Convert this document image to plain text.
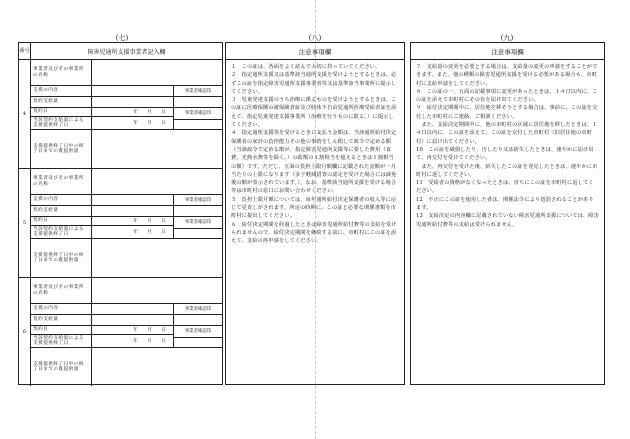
(七)	(八)	(九)
番号	障害児通所支援事業者記入欄
4
事業者及びその事業所の名称
支援の内容	事業者確認印
契約支給量
契約日	年 月 日
当該契約支給量による支援提供終了日	年 月 日
事業者確認印
支援提供終了日中の終了日までの既提供量
5
事業者及びその事業所の名称
支援の内容	事業者確認印
契約支給量
契約日	年 月 日
当該契約支給量による支援提供終了日	年 月 日
事業者確認印
支援提供終了日中の終了日までの既提供量
6
事業者及びその事業所の名称
支援の内容	事業者確認印
契約支給量
契約日	年 月 日
当該契約支給量による支援提供終了日	年 月 日
事業者確認印
支援提供終了日中の終了日までの既提供量
注意事項欄

１　この証は、各面をよく読んで大切に持っていてください。

２　指定通所支援又は基準該当通所支援を受けようとするときは、必ずこの証を指定障害児通所支援事業者等又は基準該当事業所に提示してください。

３　児童発達支援のうち治療に係るものを受けようとするときは、この証に医療保険の被保険者証及び肢体不自由児通所医療受給者証を添えて、指定児童発達支援事業所（治療を行うものに限る。）に提示してください。

４　指定通所支援等を受けるときに支払う金額は、当該通所給付決定保護者の家計の負担能力その他の事情をしん酌して政令で定める額（当該政令で定める額が、指定障害児通所支援等に要した費用（食費、光熱水費等を除く。）の総額の１割相当を超えるときは１割相当の額）です。ただし、五面の負担上限月額欄に記載された金額が一月当たりの上限になります（多子軽減措置の認定を受けた場合には減免後の額が表示されています。）。なお、基準該当通所支援を受ける場合等は市町村の窓口にお問い合わせください。

５　負担上限月額については、毎年通所給付決定保護者の収入等に応じて見直しがされます。所定の時期に、この証と必要な関係書類を市町村に提出してください。

６　給付決定期間を経過したときは障害児通所給付費等の支給を受けられませんので、給付決定期間を継続する前に、市町村にこの証を添えて、支給の再申請をしてください。

注意事項欄

７　支給量の変更を必要とする場合は、支給量の変更の申請をすることができます。また、他の種類の障害児通所支援を受ける必要がある場合も、市町村に支給申請をしてください。

８　この証の一、五面の記載事項に変更があったときは、１４日以内に、この証を添えて市町村にその旨を届け出てください。

９　給付決定期間中に、居住地を移そうとする場合は、事前に、この証を交付した市町村にご連絡、ご相談ください。

　また、支給決定期間中に、他の市町村の区域に居住地を移したときは、１４日以内に、この証を添えて、この証を交付した市町村（旧居住地の市町村）に届け出てください。

10　この証を破損したり、汚したり又は紛失したときは、速やかに届け出て、再交付を受けてください。

　また、再交付を受けた後、紛失したこの証を発見したときは、速やかに市町村に返してください。

11　受給者の資格がなくなったときは、直ちにこの証を市町村に返してください。

12　不正にこの証を使用した者は、関係法令により処罰されることがあります。

13　支給決定の内容欄に記載されていない障害児通所支援については、障害児通所給付費等の支給は受けられません。
